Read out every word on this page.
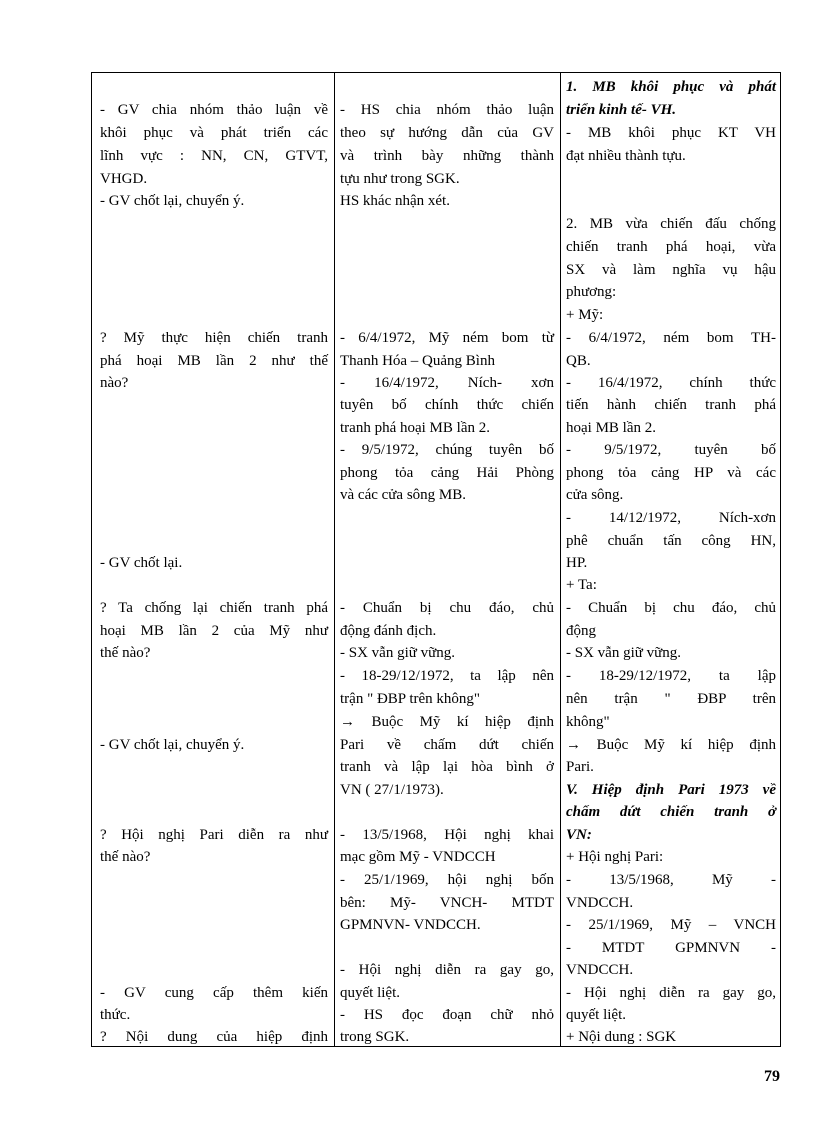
- GV chia nhóm thảo luận về
khôi phục và phát triển các
lĩnh vực : NN, CN, GTVT,
VHGD.
- GV chốt lại, chuyển ý.
? Mỹ thực hiện chiến tranh
phá hoại MB lần 2 như thế
nào?
- GV chốt lại.
? Ta chống lại chiến tranh phá
hoại MB lần 2 của Mỹ như
thế nào?
- GV chốt lại, chuyển ý.
? Hội nghị Pari diễn ra như
thế nào?
- GV cung cấp thêm kiến
thức.
? Nội dung của hiệp định
- HS chia nhóm thảo luận
theo sự hướng dẫn của GV
và trình bày những thành
tựu như trong SGK.
HS khác nhận xét.
- 6/4/1972, Mỹ ném bom từ
Thanh Hóa – Quảng Bình
- 16/4/1972, Ních- xơn
tuyên bố chính thức chiến
tranh phá hoại MB lần 2.
- 9/5/1972, chúng tuyên bố
phong tỏa cảng Hải Phòng
và các cửa sông MB.
- Chuẩn bị chu đáo, chủ
động đánh địch.
- SX vẫn giữ vững.
- 18-29/12/1972, ta lập nên
trận " ĐBP trên không"
→ Buộc Mỹ kí hiệp định
Pari về chấm dứt chiến
tranh và lập lại hòa bình ở
VN ( 27/1/1973).
- 13/5/1968, Hội nghị khai
mạc gồm Mỹ - VNDCCH
- 25/1/1969, hội nghị bốn
bên: Mỹ- VNCH- MTDT
GPMNVN- VNDCCH.
- Hội nghị diễn ra gay go,
quyết liệt.
- HS đọc đoạn chữ nhỏ
trong SGK.
1. MB khôi phục và phát
triển kinh tế- VH.
- MB khôi phục KT VH
đạt nhiều thành tựu.
2. MB vừa chiến đấu chống
chiến tranh phá hoại, vừa
SX và làm nghĩa vụ hậu
phương:
+ Mỹ:
- 6/4/1972, ném bom TH-
QB.
- 16/4/1972, chính thức
tiến hành chiến tranh phá
hoại MB lần 2.
- 9/5/1972, tuyên bố
phong tỏa cảng HP và các
cửa sông.
- 14/12/1972, Ních-xơn
phê chuẩn tấn công HN,
HP.
+ Ta:
- Chuẩn bị chu đáo, chủ
động
- SX vẫn giữ vững.
- 18-29/12/1972, ta lập
nên trận " ĐBP trên
không"
→ Buộc Mỹ kí hiệp định
Pari.
V. Hiệp định Pari 1973 về
chấm dứt chiến tranh ở
VN:
+ Hội nghị Pari:
- 13/5/1968, Mỹ -
VNDCCH.
- 25/1/1969, Mỹ – VNCH
- MTDT GPMNVN -
VNDCCH.
- Hội nghị diễn ra gay go,
quyết liệt.
+ Nội dung : SGK
79
